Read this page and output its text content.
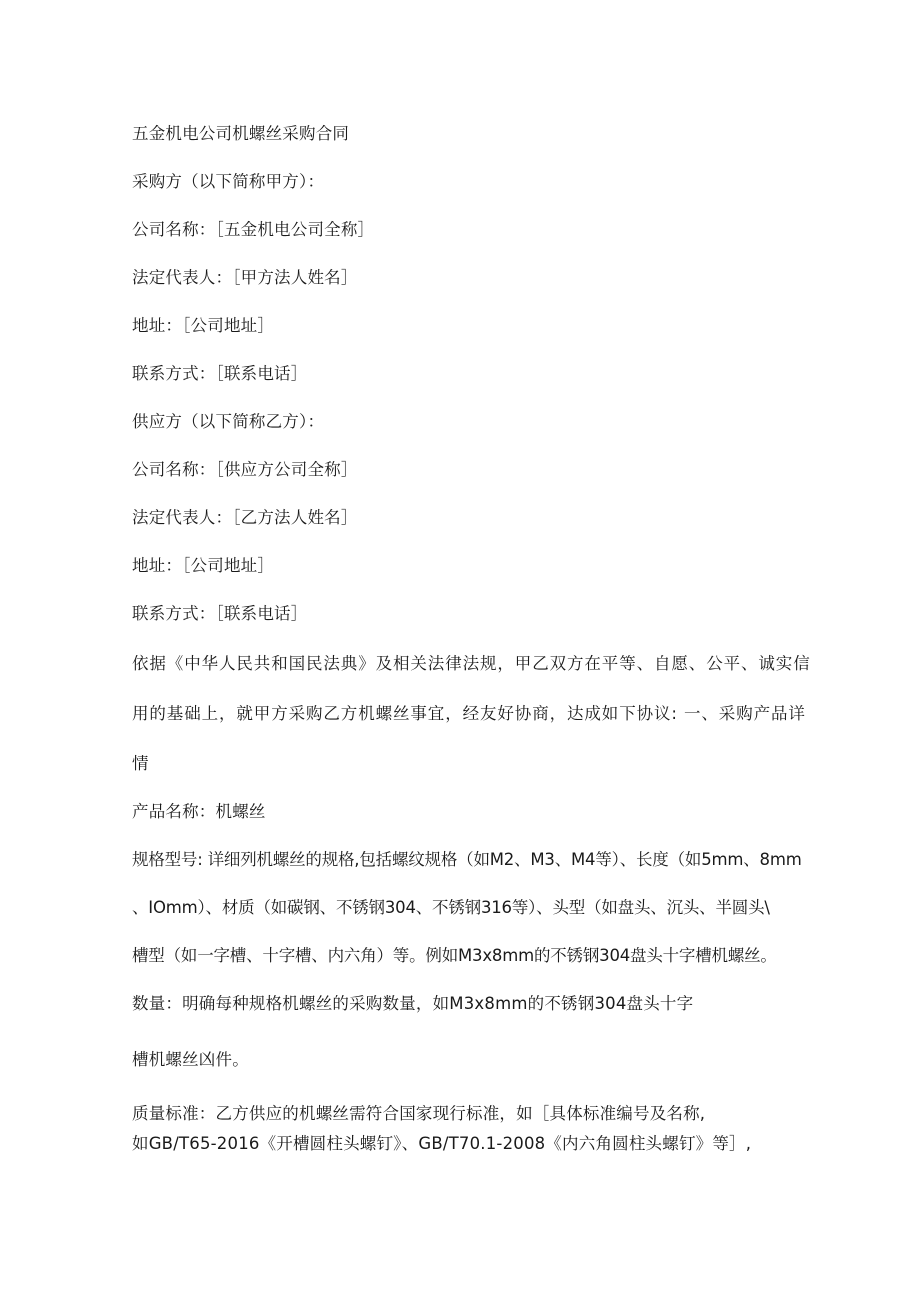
五金机电公司机螺丝采购合同
采购方（以下简称甲方）：
公司名称：［五金机电公司全称］
法定代表人：［甲方法人姓名］
地址：［公司地址］
联系方式：［联系电话］
供应方（以下简称乙方）：
公司名称：［供应方公司全称］
法定代表人：［乙方法人姓名］
地址：［公司地址］
联系方式：［联系电话］
依据《中华人民共和国民法典》及相关法律法规，甲乙双方在平等、自愿、公平、诚实信
用的基础上，就甲方采购乙方机螺丝事宜，经友好协商，达成如下协议: 一、采购产品详
情
产品名称：机螺丝
规格型号: 详细列机螺丝的规格,包括螺纹规格（如M2、M3、M4等）、长度（如5mm、8mm
、IOmm）、材质（如碳钢、不锈钢304、不锈钢316等）、头型（如盘头、沉头、半圆头\
槽型（如一字槽、十字槽、内六角）等。例如M3x8mm的不锈钢304盘头十字槽机螺丝。
数量：明确每种规格机螺丝的采购数量，如M3x8mm的不锈钢304盘头十字
槽机螺丝凶件。
质量标准：乙方供应的机螺丝需符合国家现行标准，如［具体标准编号及名称,
如GB/T65-2016《开槽圆柱头螺钉》、GB/T70.1-2008《内六角圆柱头螺钉》等］,
